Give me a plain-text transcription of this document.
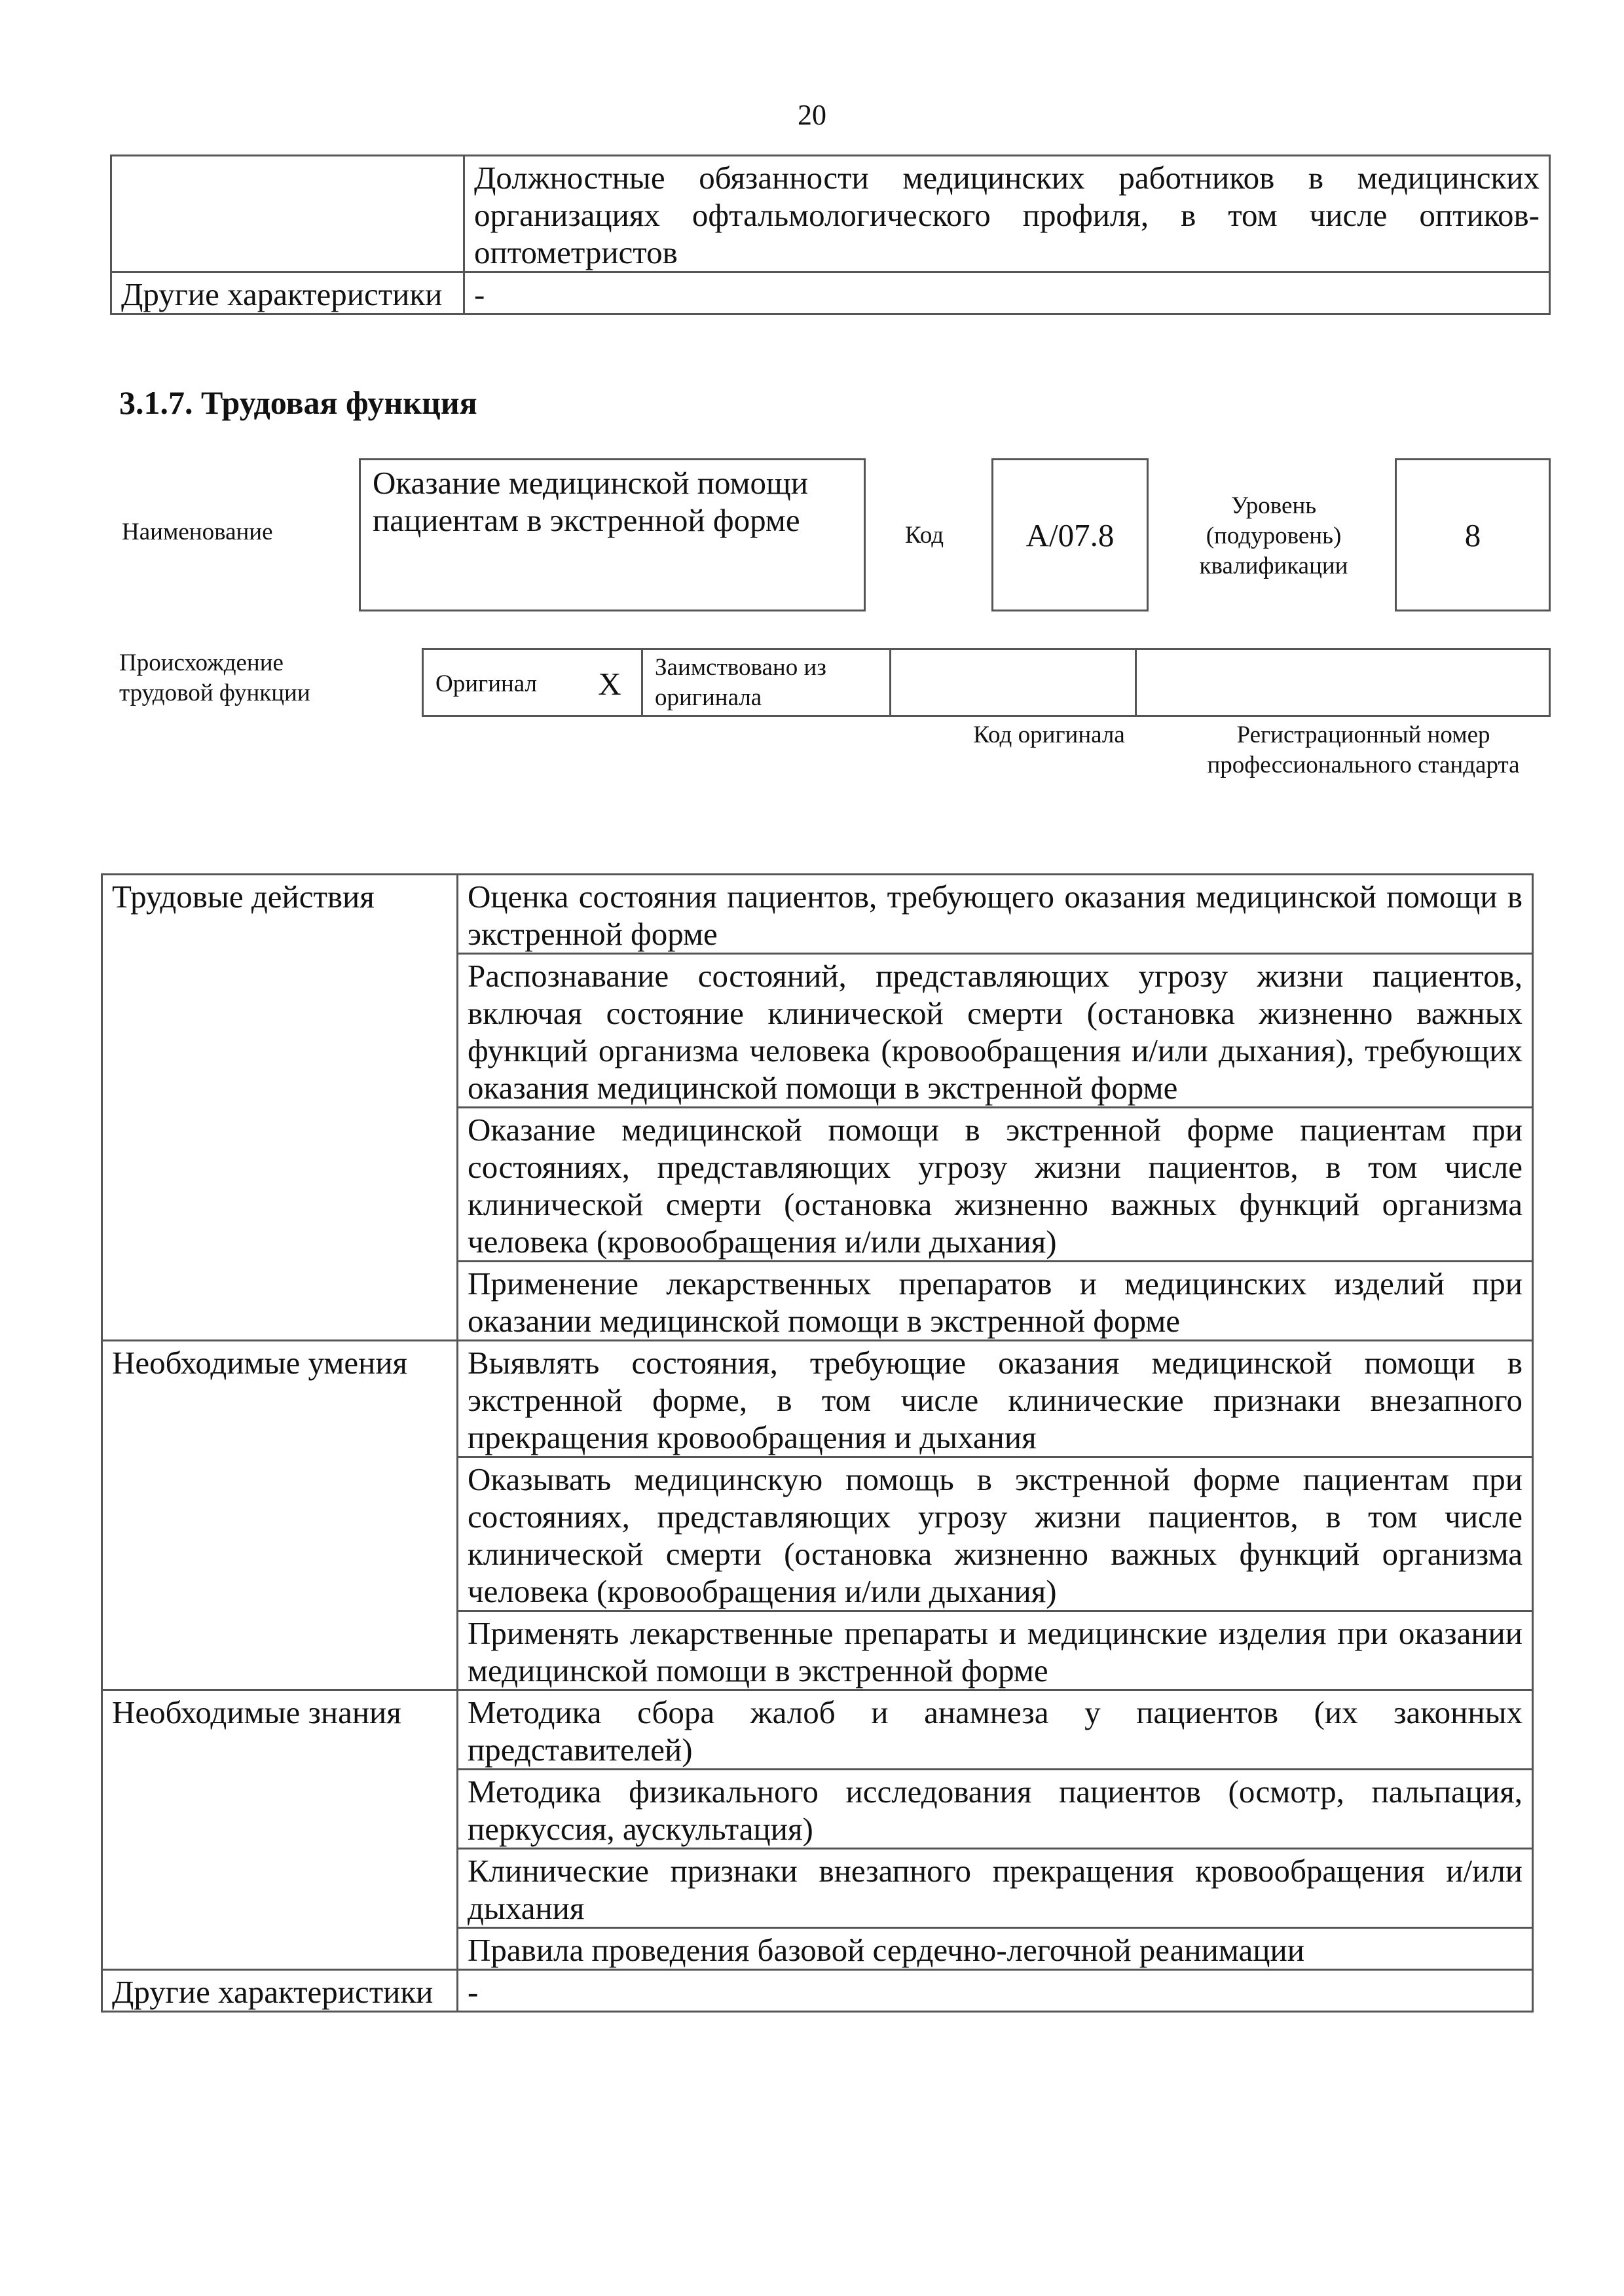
20
	Должностные обязанности медицинских работников в медицинских организациях офтальмологического профиля, в том числе оптиков-оптометристов
Другие характеристики	-
3.1.7. Трудовая функция
Наименование
Оказание медицинской помощи пациентам в экстренной форме	Код	A/07.8
Уровень (подуровень) квалификации
8
Происхождение трудовой функции	Оригинал	X	Заимствовано из оригинала		
Код оригинала	Регистрационный номер профессионального стандарта
Трудовые действия	Оценка состояния пациентов, требующего оказания медицинской помощи в экстренной форме
	Распознавание состояний, представляющих угрозу жизни пациентов, включая состояние клинической смерти (остановка жизненно важных функций организма человека (кровообращения и/или дыхания), требующих оказания медицинской помощи в экстренной форме
	Оказание медицинской помощи в экстренной форме пациентам при состояниях, представляющих угрозу жизни пациентов, в том числе клинической смерти (остановка жизненно важных функций организма человека (кровообращения и/или дыхания)
	Применение лекарственных препаратов и медицинских изделий при оказании медицинской помощи в экстренной форме
Необходимые умения	Выявлять состояния, требующие оказания медицинской помощи в экстренной форме, в том числе клинические признаки внезапного прекращения кровообращения и дыхания
	Оказывать медицинскую помощь в экстренной форме пациентам при состояниях, представляющих угрозу жизни пациентов, в том числе клинической смерти (остановка жизненно важных функций организма человека (кровообращения и/или дыхания)
	Применять лекарственные препараты и медицинские изделия при оказании медицинской помощи в экстренной форме
Необходимые знания	Методика сбора жалоб и анамнеза у пациентов (их законных представителей)
	Методика физикального исследования пациентов (осмотр, пальпация, перкуссия, аускультация)
	Клинические признаки внезапного прекращения кровообращения и/или дыхания
	Правила проведения базовой сердечно-легочной реанимации
Другие характеристики	-
